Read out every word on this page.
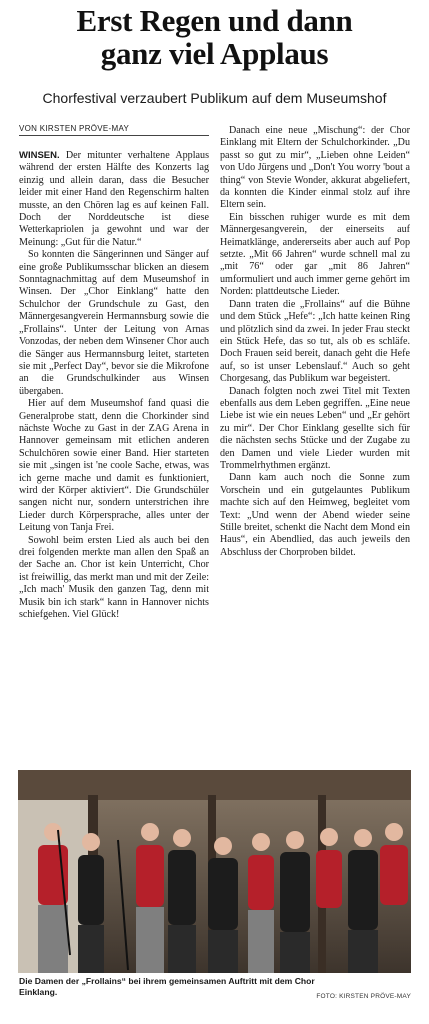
Erst Regen und dann
ganz viel Applaus
Chorfestival verzaubert Publikum auf dem Museumshof
VON KIRSTEN PRÖVE-MAY

WINSEN. Der mitunter verhaltene Applaus während der ersten Hälfte des Konzerts lag einzig und allein daran, dass die Besucher leider mit einer Hand den Regenschirm halten musste, an den Chören lag es auf keinen Fall. Doch der Norddeutsche ist diese Wetterkapriolen ja gewohnt und war der Meinung: „Gut für die Natur.“

So konnten die Sängerinnen und Sänger auf eine große Publikumsschar blicken an diesem Sonntagnachmittag auf dem Museumshof in Winsen. Der „Chor Einklang“ hatte den Schulchor der Grundschule zu Gast, den Männergesangverein Hermannsburg sowie die „Frollains“. Unter der Leitung von Arnas Vonzodas, der neben dem Winsener Chor auch die Sänger aus Hermannsburg leitet, starteten sie mit „Perfect Day“, bevor sie die Mikrofone an die Grundschulkinder aus Winsen übergaben.

Hier auf dem Museumshof fand quasi die Generalprobe statt, denn die Chorkinder sind nächste Woche zu Gast in der ZAG Arena in Hannover gemeinsam mit etlichen anderen Schulchören sowie einer Band. Hier starteten sie mit „singen ist 'ne coole Sache, etwas, was ich gerne mache und damit es funktioniert, wird der Körper aktiviert“. Die Grundschüler sangen nicht nur, sondern unterstrichen ihre Lieder durch Körpersprache, alles unter der Leitung von Tanja Frei.

Sowohl beim ersten Lied als auch bei den drei folgenden merkte man allen den Spaß an der Sache an. Chor ist kein Unterricht, Chor ist freiwillig, das merkt man und mit der Zeile: „Ich mach' Musik den ganzen Tag, denn mit Musik bin ich stark“ kann in Hannover nichts schiefgehen. Viel Glück!

Danach eine neue „Mischung“: der Chor Einklang mit Eltern der Schulchorkinder. „Du passt so gut zu mir“, „Lieben ohne Leiden“ von Udo Jürgens und „Don't You worry 'bout a thing“ von Stevie Wonder, akkurat abgeliefert, da konnten die Kinder einmal stolz auf ihre Eltern sein.

Ein bisschen ruhiger wurde es mit dem Männergesangverein, der einerseits auf Heimatklänge, andererseits aber auch auf Pop setzte. „Mit 66 Jahren“ wurde schnell mal zu „mit 76“ oder gar „mit 86 Jahren“ umformuliert und auch immer gerne gehört im Norden: plattdeutsche Lieder.

Dann traten die „Frollains“ auf die Bühne und dem Stück „Hefe“: „Ich hatte keinen Ring und plötzlich sind da zwei. In jeder Frau steckt ein Stück Hefe, das so tut, als ob es schläfe. Doch Frauen seid bereit, danach geht die Hefe auf, so ist unser Lebenslauf.“ Auch so geht Chorgesang, das Publikum war begeistert.

Danach folgten noch zwei Titel mit Texten ebenfalls aus dem Leben gegriffen. „Eine neue Liebe ist wie ein neues Leben“ und „Er gehört zu mir“. Der Chor Einklang gesellte sich für die nächsten sechs Stücke und der Zugabe zu den Damen und viele Lieder wurden mit Trommelrhythmen ergänzt.

Dann kam auch noch die Sonne zum Vorschein und ein gutgelauntes Publikum machte sich auf den Heimweg, begleitet vom Text: „Und wenn der Abend wieder seine Stille breitet, schenkt die Nacht dem Mond ein Haus“, ein Abendlied, das auch jeweils den Abschluss der Chorproben bildet.

Die Damen der „Frollains“ bei ihrem gemeinsamen Auftritt mit dem Chor Einklang.	FOTO: KIRSTEN PRÖVE-MAY
